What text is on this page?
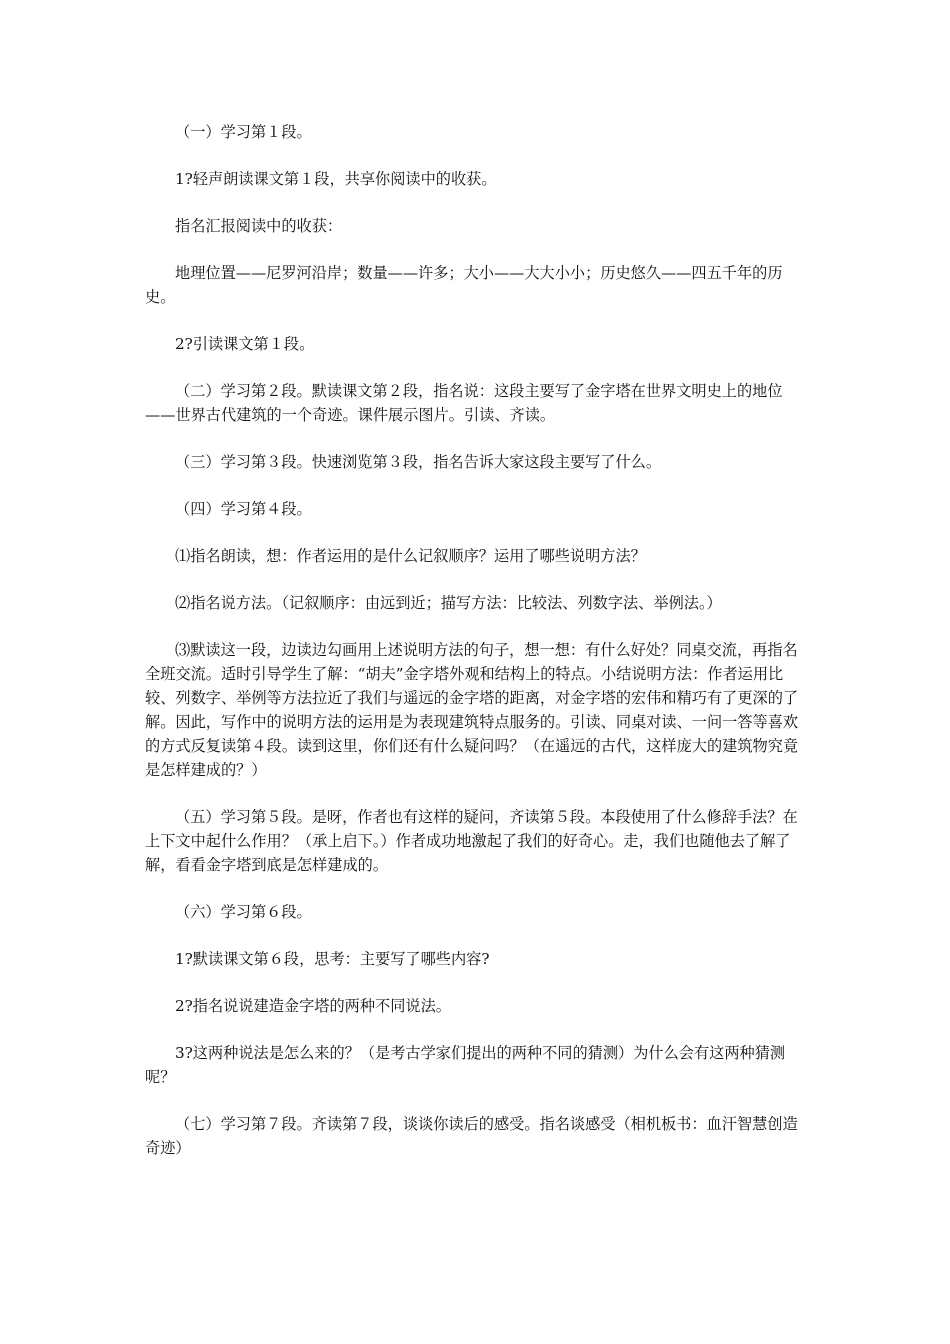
（一）学习第１段。

1?轻声朗读课文第１段，共享你阅读中的收获。

指名汇报阅读中的收获：

地理位置——尼罗河沿岸；数量——许多；大小——大大小小；历史悠久——四五千年的历史。

2?引读课文第１段。

（二）学习第２段。默读课文第２段，指名说：这段主要写了金字塔在世界文明史上的地位——世界古代建筑的一个奇迹。课件展示图片。引读、齐读。

（三）学习第３段。快速浏览第３段，指名告诉大家这段主要写了什么。

（四）学习第４段。

⑴指名朗读，想：作者运用的是什么记叙顺序？运用了哪些说明方法？

⑵指名说方法。（记叙顺序：由远到近；描写方法：比较法、列数字法、举例法。）

⑶默读这一段，边读边勾画用上述说明方法的句子，想一想：有什么好处？同桌交流，再指名全班交流。适时引导学生了解：“胡夫”金字塔外观和结构上的特点。小结说明方法：作者运用比较、列数字、举例等方法拉近了我们与遥远的金字塔的距离，对金字塔的宏伟和精巧有了更深的了解。因此，写作中的说明方法的运用是为表现建筑特点服务的。引读、同桌对读、一问一答等喜欢的方式反复读第４段。读到这里，你们还有什么疑问吗？（在遥远的古代，这样庞大的建筑物究竟是怎样建成的？）

（五）学习第５段。是呀，作者也有这样的疑问，齐读第５段。本段使用了什么修辞手法？在上下文中起什么作用？（承上启下。）作者成功地激起了我们的好奇心。走，我们也随他去了解了解，看看金字塔到底是怎样建成的。

（六）学习第６段。

1?默读课文第６段，思考：主要写了哪些内容?

2?指名说说建造金字塔的两种不同说法。

3?这两种说法是怎么来的？（是考古学家们提出的两种不同的猜测）为什么会有这两种猜测呢？

（七）学习第７段。齐读第７段，谈谈你读后的感受。指名谈感受（相机板书：血汗智慧创造奇迹）
